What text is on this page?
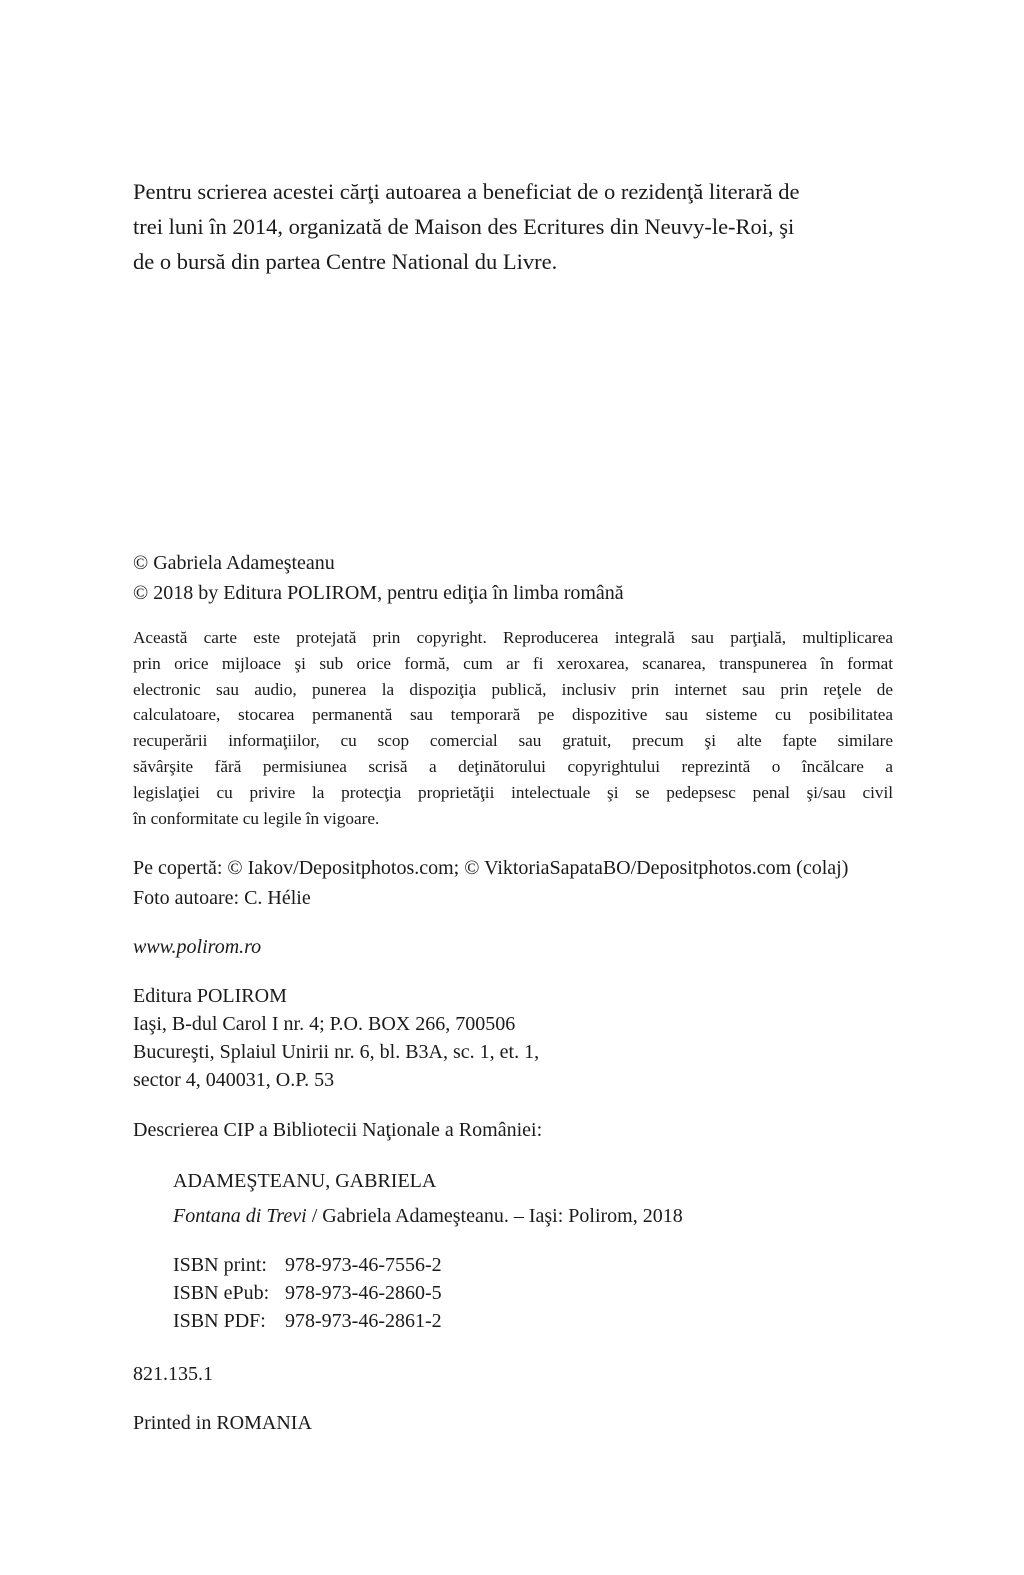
Pentru scrierea acestei cărţi autoarea a beneficiat de o rezidenţă literară de
trei luni în 2014, organizată de Maison des Ecritures din Neuvy-le-Roi, şi
de o bursă din partea Centre National du Livre.
© Gabriela Adameşteanu
© 2018 by Editura POLIROM, pentru ediţia în limba română
Această carte este protejată prin copyright. Reproducerea integrală sau parţială, multiplicarea
prin orice mijloace şi sub orice formă, cum ar fi xeroxarea, scanarea, transpunerea în format
electronic sau audio, punerea la dispoziţia publică, inclusiv prin internet sau prin reţele de
calculatoare, stocarea permanentă sau temporară pe dispozitive sau sisteme cu posibilitatea
recuperării informaţiilor, cu scop comercial sau gratuit, precum şi alte fapte similare
săvârşite fără permisiunea scrisă a deţinătorului copyrightului reprezintă o încălcare a
legislaţiei cu privire la protecţia proprietăţii intelectuale şi se pedepsesc penal şi/sau civil
în conformitate cu legile în vigoare.
Pe copertă: © Iakov/Depositphotos.com; © ViktoriaSapataBO/Depositphotos.com (colaj)
Foto autoare: C. Hélie
www.polirom.ro
Editura POLIROM
Iaşi, B-dul Carol I nr. 4; P.O. BOX 266, 700506
Bucureşti, Splaiul Unirii nr. 6, bl. B3A, sc. 1, et. 1,
sector 4, 040031, O.P. 53
Descrierea CIP a Bibliotecii Naţionale a României:
ADAMEŞTEANU, GABRIELA
Fontana di Trevi / Gabriela Adameşteanu. – Iaşi: Polirom, 2018
ISBN print: 978-973-46-7556-2
ISBN ePub: 978-973-46-2860-5
ISBN PDF: 978-973-46-2861-2
821.135.1
Printed in ROMANIA
